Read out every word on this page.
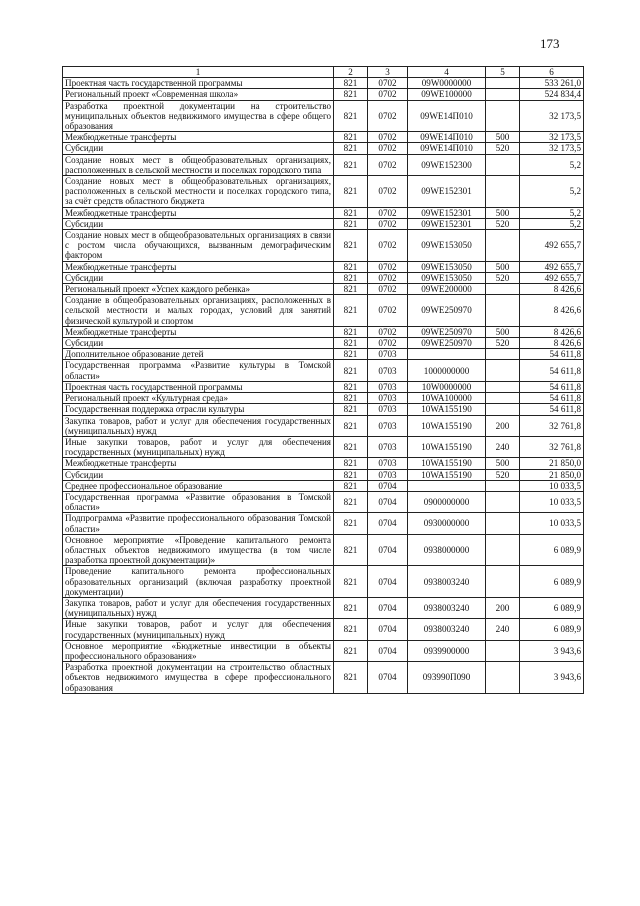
173
1	2	3	4	5	6
Проектная часть государственной программы	821	0702	09W0000000		533 261,0
Региональный проект «Современная школа»	821	0702	09WE100000		524 834,4
Разработка проектной документации на строительство муниципальных объектов недвижимого имущества в сфере общего образования	821	0702	09WE14П010		32 173,5
Межбюджетные трансферты	821	0702	09WE14П010	500	32 173,5
Субсидии	821	0702	09WE14П010	520	32 173,5
Создание новых мест в общеобразовательных организациях, расположенных в сельской местности и поселках городского типа	821	0702	09WE152300		5,2
Создание новых мест в общеобразовательных организациях, расположенных в сельской местности и поселках городского типа, за счёт средств областного бюджета	821	0702	09WE152301		5,2
Межбюджетные трансферты	821	0702	09WE152301	500	5,2
Субсидии	821	0702	09WE152301	520	5,2
Создание новых мест в общеобразовательных организациях в связи с ростом числа обучающихся, вызванным демографическим фактором	821	0702	09WE153050		492 655,7
Межбюджетные трансферты	821	0702	09WE153050	500	492 655,7
Субсидии	821	0702	09WE153050	520	492 655,7
Региональный проект «Успех каждого ребенка»	821	0702	09WE200000		8 426,6
Создание в общеобразовательных организациях, расположенных в сельской местности и малых городах, условий для занятий физической культурой и спортом	821	0702	09WE250970		8 426,6
Межбюджетные трансферты	821	0702	09WE250970	500	8 426,6
Субсидии	821	0702	09WE250970	520	8 426,6
Дополнительное образование детей	821	0703			54 611,8
Государственная программа «Развитие культуры в Томской области»	821	0703	1000000000		54 611,8
Проектная часть государственной программы	821	0703	10W0000000		54 611,8
Региональный проект «Культурная среда»	821	0703	10WA100000		54 611,8
Государственная поддержка отрасли культуры	821	0703	10WA155190		54 611,8
Закупка товаров, работ и услуг для обеспечения государственных (муниципальных) нужд	821	0703	10WA155190	200	32 761,8
Иные закупки товаров, работ и услуг для обеспечения государственных (муниципальных) нужд	821	0703	10WA155190	240	32 761,8
Межбюджетные трансферты	821	0703	10WA155190	500	21 850,0
Субсидии	821	0703	10WA155190	520	21 850,0
Среднее профессиональное образование	821	0704			10 033,5
Государственная программа «Развитие образования в Томской области»	821	0704	0900000000		10 033,5
Подпрограмма «Развитие профессионального образования Томской области»	821	0704	0930000000		10 033,5
Основное мероприятие «Проведение капитального ремонта областных объектов недвижимого имущества (в том числе разработка проектной документации)»	821	0704	0938000000		6 089,9
Проведение капитального ремонта профессиональных образовательных организаций (включая разработку проектной документации)	821	0704	0938003240		6 089,9
Закупка товаров, работ и услуг для обеспечения государственных (муниципальных) нужд	821	0704	0938003240	200	6 089,9
Иные закупки товаров, работ и услуг для обеспечения государственных (муниципальных) нужд	821	0704	0938003240	240	6 089,9
Основное мероприятие «Бюджетные инвестиции в объекты профессионального образования»	821	0704	0939900000		3 943,6
Разработка проектной документации на строительство областных объектов недвижимого имущества в сфере профессионального образования	821	0704	093990П090		3 943,6
